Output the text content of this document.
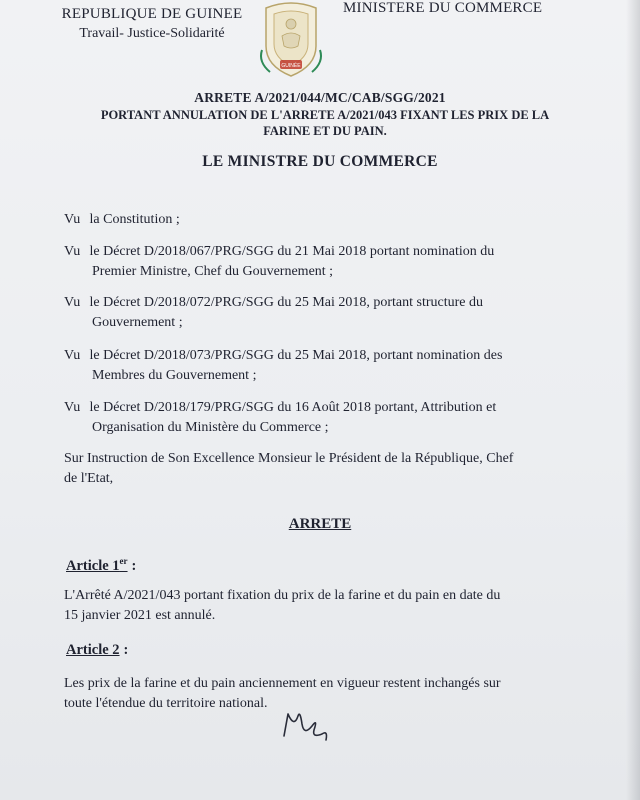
REPUBLIQUE DE GUINEE
Travail- Justice-Solidarité
GUINÉE
MINISTERE DU COMMERCE
ARRETE A/2021/044/MC/CAB/SGG/2021
PORTANT ANNULATION DE L'ARRETE A/2021/043 FIXANT LES PRIX DE LA
FARINE ET DU PAIN.
LE MINISTRE DU COMMERCE
Vu la Constitution ;
Vu le Décret D/2018/067/PRG/SGG du 21 Mai 2018 portant nomination du
Premier Ministre, Chef du Gouvernement ;
Vu le Décret D/2018/072/PRG/SGG du 25 Mai 2018, portant structure du
Gouvernement ;
Vu le Décret D/2018/073/PRG/SGG du 25 Mai 2018, portant nomination des
Membres du Gouvernement ;
Vu le Décret D/2018/179/PRG/SGG du 16 Août 2018 portant, Attribution et
Organisation du Ministère du Commerce ;
Sur Instruction de Son Excellence Monsieur le Président de la République, Chef
de l'Etat,
ARRETE
Article 1er :
L'Arrêté A/2021/043 portant fixation du prix de la farine et du pain en date du
15 janvier 2021 est annulé.
Article 2 :
Les prix de la farine et du pain anciennement en vigueur restent inchangés sur
toute l'étendue du territoire national.
